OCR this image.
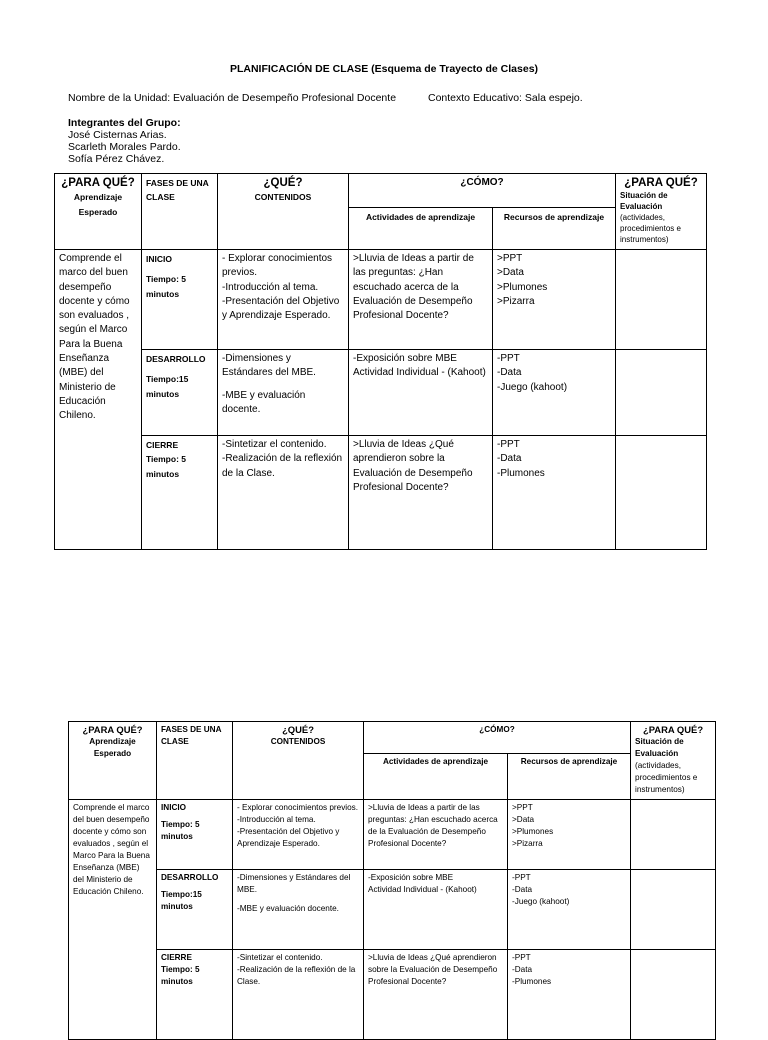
PLANIFICACIÓN DE CLASE (Esquema de Trayecto de Clases)
Nombre de la Unidad: Evaluación de Desempeño Profesional Docente	Contexto Educativo: Sala espejo.
Integrantes del Grupo:
José Cisternas Arias.
Scarleth Morales Pardo.
Sofía Pérez Chávez.
¿PARA QUÉ?
Aprendizaje Esperado	FASES DE UNA CLASE	¿QUÉ?
CONTENIDOS	¿CÓMO?		¿PARA QUÉ?
Situación de Evaluación
(actividades, procedimientos e instrumentos)

			Actividades de aprendizaje	Recursos de aprendizaje	

Comprende el marco del buen desempeño docente y cómo son evaluados , según el Marco Para la Buena Enseñanza (MBE) del Ministerio de Educación Chileno.	INICIO
Tiempo: 5 minutos	- Explorar conocimientos previos.
-Introducción al tema.
-Presentación del Objetivo y Aprendizaje Esperado.	>Lluvia de Ideas a partir de las preguntas: ¿Han escuchado acerca de la Evaluación de Desempeño Profesional Docente?	>PPT
>Data
>Plumones
>Pizarra	

	DESARROLLO
Tiempo:15 minutos	-Dimensiones y Estándares del MBE.
-MBE y evaluación docente.	-Exposición sobre MBE
Actividad Individual - (Kahoot)	-PPT
-Data
-Juego (kahoot)	

	CIERRE
Tiempo: 5 minutos	-Sintetizar el contenido.
-Realización de la reflexión de la Clase.	>Lluvia de Ideas ¿Qué aprendieron sobre la Evaluación de Desempeño Profesional Docente?	-PPT
-Data
-Plumones	

¿PARA QUÉ?
Aprendizaje Esperado	FASES DE UNA CLASE	¿QUÉ?
CONTENIDOS	¿CÓMO?		¿PARA QUÉ?
Situación de Evaluación
(actividades, procedimientos e instrumentos)

			Actividades de aprendizaje	Recursos de aprendizaje	

Comprende el marco del buen desempeño docente y cómo son evaluados , según el Marco Para la Buena Enseñanza (MBE) del Ministerio de Educación Chileno.	INICIO
Tiempo: 5 minutos	- Explorar conocimientos previos.
-Introducción al tema.
-Presentación del Objetivo y Aprendizaje Esperado.	>Lluvia de Ideas a partir de las preguntas: ¿Han escuchado acerca de la Evaluación de Desempeño Profesional Docente?	>PPT
>Data
>Plumones
>Pizarra	

	DESARROLLO
Tiempo:15 minutos	-Dimensiones y Estándares del MBE.
-MBE y evaluación docente.	-Exposición sobre MBE
Actividad Individual - (Kahoot)	-PPT
-Data
-Juego (kahoot)	

	CIERRE
Tiempo: 5 minutos	-Sintetizar el contenido.
-Realización de la reflexión de la Clase.	>Lluvia de Ideas ¿Qué aprendieron sobre la Evaluación de Desempeño Profesional Docente?	-PPT
-Data
-Plumones	
